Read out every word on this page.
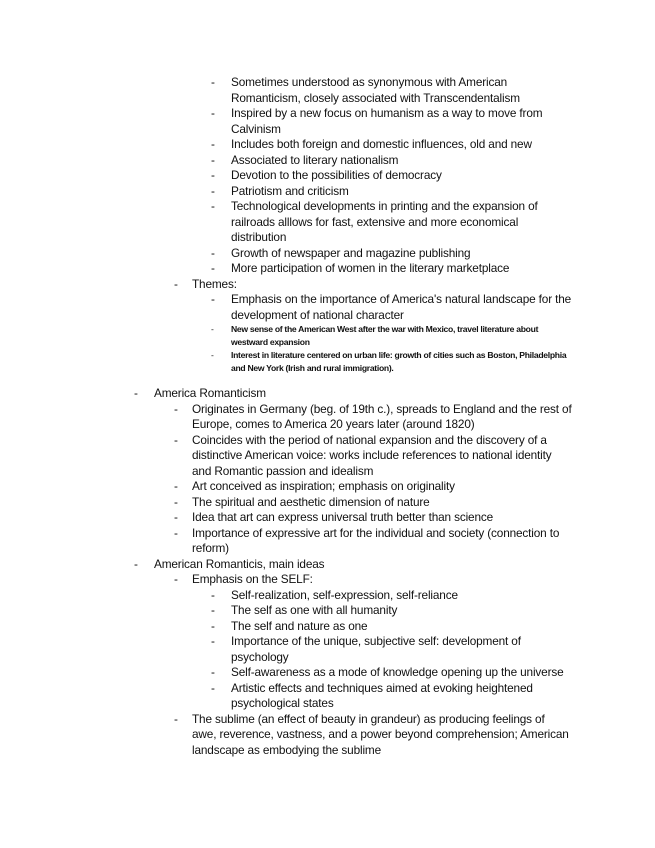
- Sometimes understood as synonymous with American Romanticism, closely associated with Transcendentalism
- Inspired by a new focus on humanism as a way to move from Calvinism
- Includes both foreign and domestic influences, old and new
- Associated to literary nationalism
- Devotion to the possibilities of democracy
- Patriotism and criticism
- Technological developments in printing and the expansion of railroads alllows for fast, extensive and more economical distribution
- Growth of newspaper and magazine publishing
- More participation of women in the literary marketplace
- Themes:
- Emphasis on the importance of America's natural landscape for the development of national character
- New sense of the American West after the war with Mexico, travel literature about westward expansion
- Interest in literature centered on urban life: growth of cities such as Boston, Philadelphia and New York (Irish and rural immigration).
- America Romanticism
- Originates in Germany (beg. of 19th c.), spreads to England and the rest of Europe, comes to America 20 years later (around 1820)
- Coincides with the period of national expansion and the discovery of a distinctive American voice: works include references to national identity and Romantic passion and idealism
- Art conceived as inspiration; emphasis on originality
- The spiritual and aesthetic dimension of nature
- Idea that art can express universal truth better than science
- Importance of expressive art for the individual and society (connection to reform)
- American Romanticis, main ideas
- Emphasis on the SELF:
- Self-realization, self-expression, self-reliance
- The self as one with all humanity
- The self and nature as one
- Importance of the unique, subjective self: development of psychology
- Self-awareness as a mode of knowledge opening up the universe
- Artistic effects and techniques aimed at evoking heightened psychological states
- The sublime (an effect of beauty in grandeur) as producing feelings of awe, reverence, vastness, and a power beyond comprehension; American landscape as embodying the sublime
